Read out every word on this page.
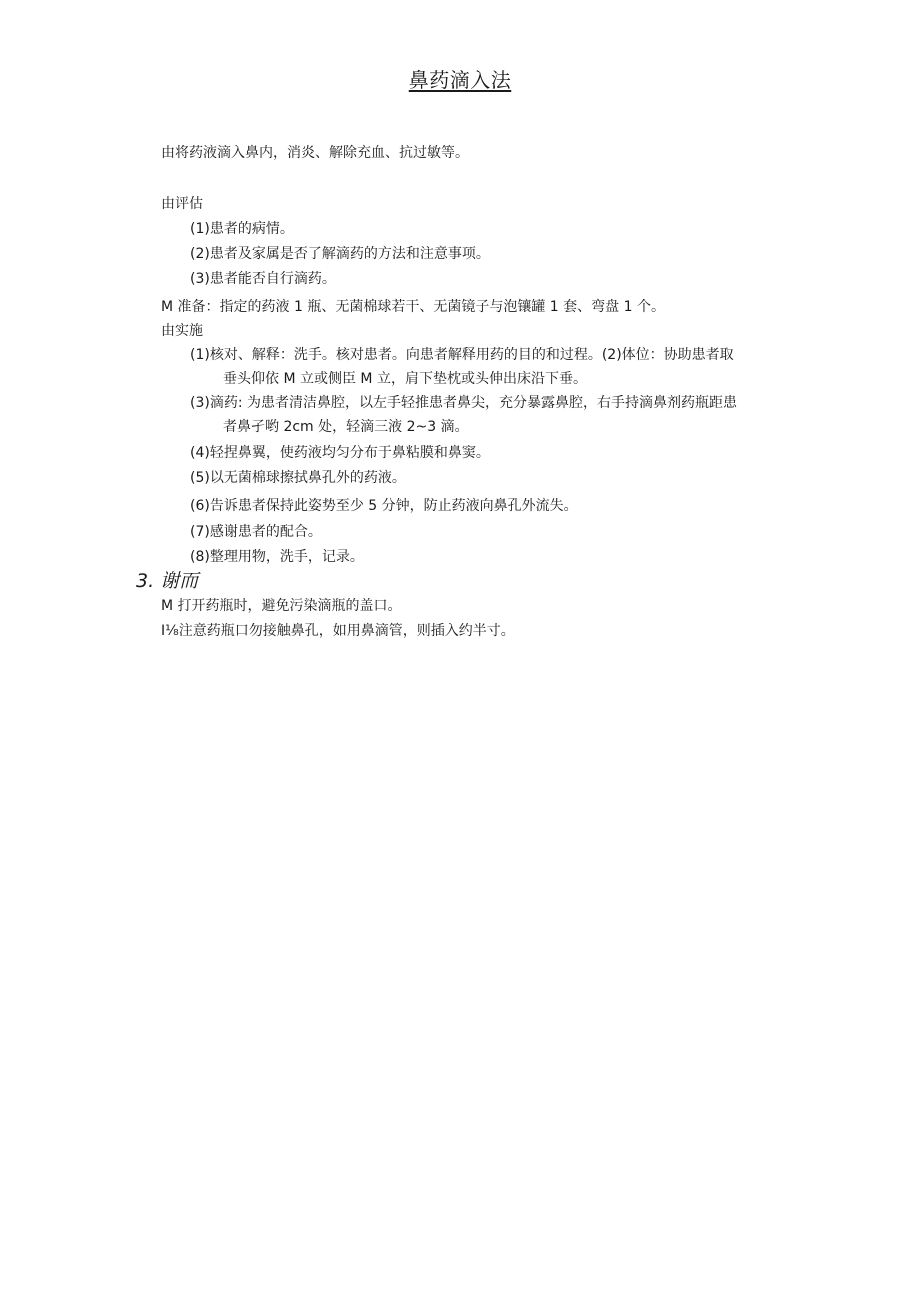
鼻药滴入法
由将药液滴入鼻内，消炎、解除充血、抗过敏等。
由评估
(1)患者的病情。
(2)患者及家属是否了解滴药的方法和注意事项。
(3)患者能否自行滴药。
M 准备：指定的药液 1 瓶、无菌棉球若干、无菌镜子与泡镶罐 1 套、弯盘 1 个。
由实施
(1)核对、解释：洗手。核对患者。向患者解释用药的目的和过程。(2)体位：协助患者取
垂头仰依 M 立或侧臣 M 立，肩下垫枕或头伸出床沿下垂。
(3)滴药: 为患者清洁鼻腔，以左手轻推患者鼻尖，充分暴露鼻腔，右手持滴鼻剂药瓶距患
者鼻孑哟 2cm 处，轻滴三液 2~3 滴。
(4)轻捏鼻翼，使药液均匀分布于鼻粘膜和鼻窦。
(5)以无菌棉球擦拭鼻孔外的药液。
(6)告诉患者保持此姿势至少 5 分钟，防止药液向鼻孔外流失。
(7)感谢患者的配合。
(8)整理用物，洗手，记录。
3. 谢而
M 打开药瓶时，避免污染滴瓶的盖口。
I⅛注意药瓶口勿接触鼻孔，如用鼻滴管，则插入约半寸。
